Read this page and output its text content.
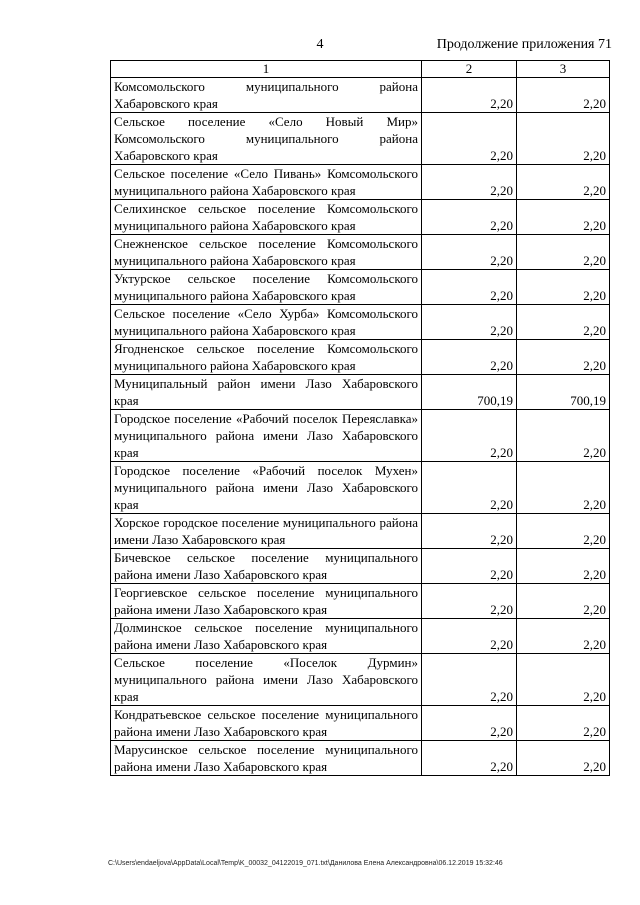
4	Продолжение приложения 71
1	2	3
Комсомольского муниципального района Хабаровского края	2,20	2,20
Сельское поселение «Село Новый Мир» Комсомольского муниципального района Хабаровского края	2,20	2,20
Сельское поселение «Село Пивань» Комсомольского муниципального района Хабаровского края	2,20	2,20
Селихинское сельское поселение Комсомольского муниципального района Хабаровского края	2,20	2,20
Снежненское сельское поселение Комсомольского муниципального района Хабаровского края	2,20	2,20
Уктурское сельское поселение Комсомольского муниципального района Хабаровского края	2,20	2,20
Сельское поселение «Село Хурба» Комсомольского муниципального района Хабаровского края	2,20	2,20
Ягодненское сельское поселение Комсомольского муниципального района Хабаровского края	2,20	2,20
Муниципальный район имени Лазо Хабаровского края	700,19	700,19
Городское поселение «Рабочий поселок Переяславка» муниципального района имени Лазо Хабаровского края	2,20	2,20
Городское поселение «Рабочий поселок Мухен» муниципального района имени Лазо Хабаровского края	2,20	2,20
Хорское городское поселение муниципального района имени Лазо Хабаровского края	2,20	2,20
Бичевское сельское поселение муниципального района имени Лазо Хабаровского края	2,20	2,20
Георгиевское сельское поселение муниципального района имени Лазо Хабаровского края	2,20	2,20
Долминское сельское поселение муниципального района имени Лазо Хабаровского края	2,20	2,20
Сельское поселение «Поселок Дурмин» муниципального района имени Лазо Хабаровского края	2,20	2,20
Кондратьевское сельское поселение муниципального района имени Лазо Хабаровского края	2,20	2,20
Марусинское сельское поселение муниципального района имени Лазо Хабаровского края	2,20	2,20
C:\Users\endaeljova\AppData\Local\Temp\K_00032_04122019_071.txt\Данилова Елена Александровна\06.12.2019 15:32:46
